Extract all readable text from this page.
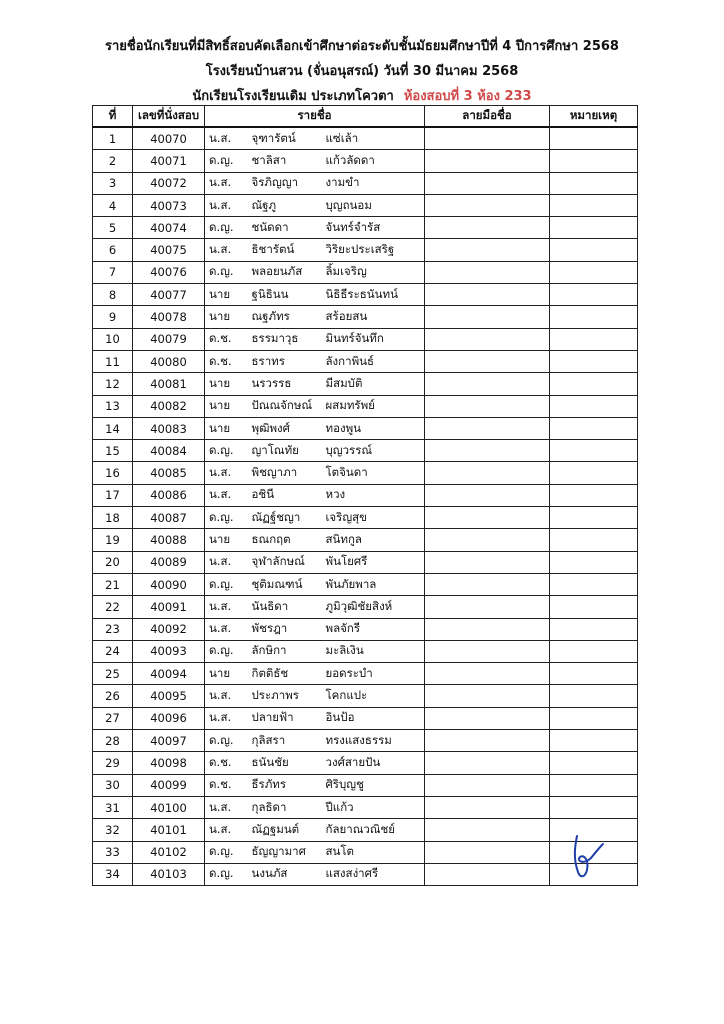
รายชื่อนักเรียนที่มีสิทธิ์สอบคัดเลือกเข้าศึกษาต่อระดับชั้นมัธยมศึกษาปีที่ 4 ปีการศึกษา 2568
โรงเรียนบ้านสวน (จั่นอนุสรณ์) วันที่ 30 มีนาคม 2568
นักเรียนโรงเรียนเดิม ประเภทโควตา ห้องสอบที่ 3 ห้อง 233
ที่	เลขที่นั่งสอบ	รายชื่อ		ลายมือชื่อ	หมายเหตุ
1	40070	น.ส.	จุฑารัตน์ แซ่เล้า		
2	40071	ด.ญ.	ชาลิสา แก้วลัดดา		
3	40072	น.ส.	จิรภิญญา งามขำ		
4	40073	น.ส.	ณัฐภู บุญถนอม		
5	40074	ด.ญ.	ชนัดดา จันทร์จำรัส		
6	40075	น.ส.	ธิชารัตน์ วิริยะประเสริฐ		
7	40076	ด.ญ.	พลอยนภัส ลิ้มเจริญ		
8	40077	นาย	ฐนิธินน นิธิธีระธนันทน์		
9	40078	นาย	ณฐภัทร สร้อยสน		
10	40079	ด.ช.	ธรรมาวุธ มินทร์จันทึก		
11	40080	ด.ช.	ธราทร ลังกาพินธ์		
12	40081	นาย	นรวรรธ มีสมบัติ		
13	40082	นาย	ปัณณจักษณ์ ผสมทรัพย์		
14	40083	นาย	พุฒิพงศ์ ทองพูน		
15	40084	ด.ญ.	ญาโณทัย บุญวรรณ์		
16	40085	น.ส.	พิชญาภา โตจินดา		
17	40086	น.ส.	อชินี หวง		
18	40087	ด.ญ.	ณัฏฐ์ชญา เจริญสุข		
19	40088	นาย	ธณกฤต สนิทกูล		
20	40089	น.ส.	จุฬาลักษณ์ พันโยศรี		
21	40090	ด.ญ.	ชุติมณฑน์ พันภัยพาล		
22	40091	น.ส.	นันธิดา ภูมิวุฒิชัยสิงห์		
23	40092	น.ส.	พัชรฎา พลจักรี		
24	40093	ด.ญ.	ลักษิกา มะลิเงิน		
25	40094	นาย	กิตติธัช ยอดระบำ		
26	40095	น.ส.	ประภาพร โคกแปะ		
27	40096	น.ส.	ปลายฟ้า อินป้อ		
28	40097	ด.ญ.	กุลิสรา ทรงแสงธรรม		
29	40098	ด.ช.	ธนันชัย วงศ์สายปัน		
30	40099	ด.ช.	ธีรภัทร ศิริบุญชู		
31	40100	น.ส.	กุลธิดา ปีแก้ว		
32	40101	น.ส.	ณัฏฐมนต์ กัลยาณวณิชย์		
33	40102	ด.ญ.	ธัญญามาศ สนโต		
34	40103	ด.ญ.	นงนภัส แสงสง่าศรี		
